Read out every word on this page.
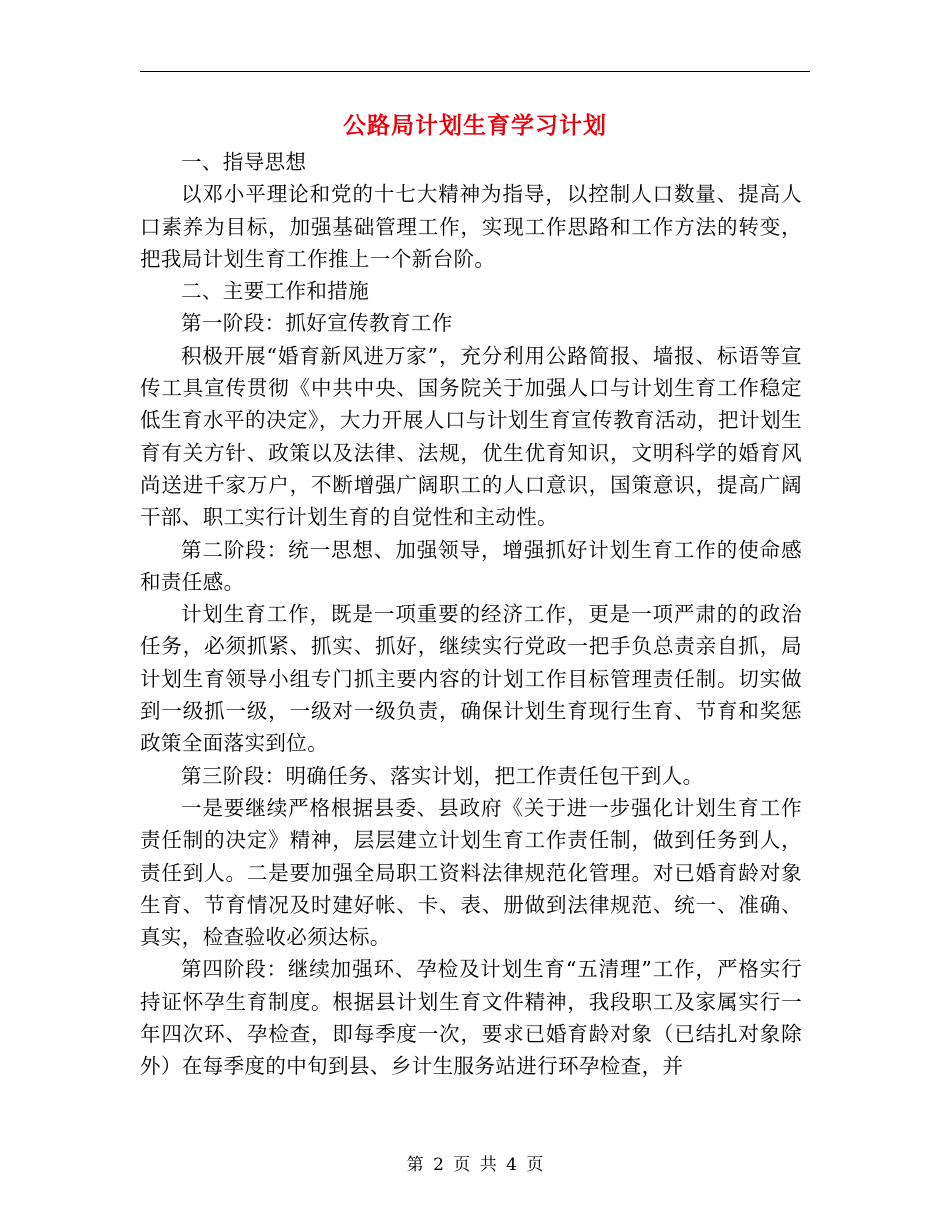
公路局计划生育学习计划

一、指导思想

以邓小平理论和党的十七大精神为指导，以控制人口数量、提高人口素养为目标，加强基础管理工作，实现工作思路和工作方法的转变，把我局计划生育工作推上一个新台阶。

二、主要工作和措施

第一阶段：抓好宣传教育工作

积极开展“婚育新风进万家”，充分利用公路简报、墙报、标语等宣传工具宣传贯彻《中共中央、国务院关于加强人口与计划生育工作稳定低生育水平的决定》，大力开展人口与计划生育宣传教育活动，把计划生育有关方针、政策以及法律、法规，优生优育知识，文明科学的婚育风尚送进千家万户，不断增强广阔职工的人口意识，国策意识，提高广阔干部、职工实行计划生育的自觉性和主动性。

第二阶段：统一思想、加强领导，增强抓好计划生育工作的使命感和责任感。

计划生育工作，既是一项重要的经济工作，更是一项严肃的的政治任务，必须抓紧、抓实、抓好，继续实行党政一把手负总责亲自抓，局计划生育领导小组专门抓主要内容的计划工作目标管理责任制。切实做到一级抓一级，一级对一级负责，确保计划生育现行生育、节育和奖惩政策全面落实到位。

第三阶段：明确任务、落实计划，把工作责任包干到人。

一是要继续严格根据县委、县政府《关于进一步强化计划生育工作责任制的决定》精神，层层建立计划生育工作责任制，做到任务到人，责任到人。二是要加强全局职工资料法律规范化管理。对已婚育龄对象生育、节育情况及时建好帐、卡、表、册做到法律规范、统一、准确、真实，检查验收必须达标。

第四阶段：继续加强环、孕检及计划生育“五清理”工作，严格实行持证怀孕生育制度。根据县计划生育文件精神，我段职工及家属实行一年四次环、孕检查，即每季度一次，要求已婚育龄对象（已结扎对象除外）在每季度的中旬到县、乡计生服务站进行环孕检查，并

第 2 页 共 4 页
